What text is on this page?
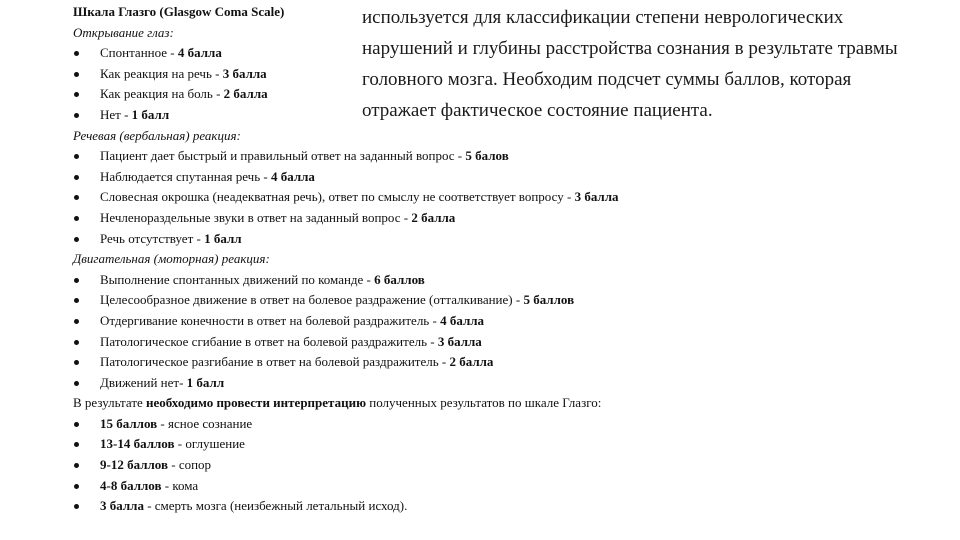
Шкала Глазго (Glasgow Coma Scale)
Открывание глаз:
Спонтанное - 4 балла
Как реакция на речь - 3 балла
Как реакция на боль - 2 балла
Нет - 1 балл
Речевая (вербальная) реакция:
Пациент дает быстрый и правильный ответ на заданный вопрос - 5 балов
Наблюдается спутанная речь - 4 балла
Словесная окрошка (неадекватная речь), ответ по смыслу не соответствует вопросу - 3 балла
Нечленораздельные звуки в ответ на заданный вопрос - 2 балла
Речь отсутствует - 1 балл
Двигательная (моторная) реакция:
Выполнение спонтанных движений по команде - 6 баллов
Целесообразное движение в ответ на болевое раздражение (отталкивание) - 5 баллов
Отдергивание конечности в ответ на болевой раздражитель - 4 балла
Патологическое сгибание в ответ на болевой раздражитель - 3 балла
Патологическое разгибание в ответ на болевой раздражитель - 2 балла
Движений нет- 1 балл
В результате необходимо провести интерпретацию полученных результатов по шкале Глазго:
15 баллов - ясное сознание
13-14 баллов - оглушение
9-12 баллов - сопор
4-8 баллов - кома
3 балла - смерть мозга (неизбежный летальный исход).
используется для классификации степени неврологических
нарушений и глубины расстройства сознания в результате травмы
головного мозга. Необходим подсчет суммы баллов, которая
отражает фактическое состояние пациента.
